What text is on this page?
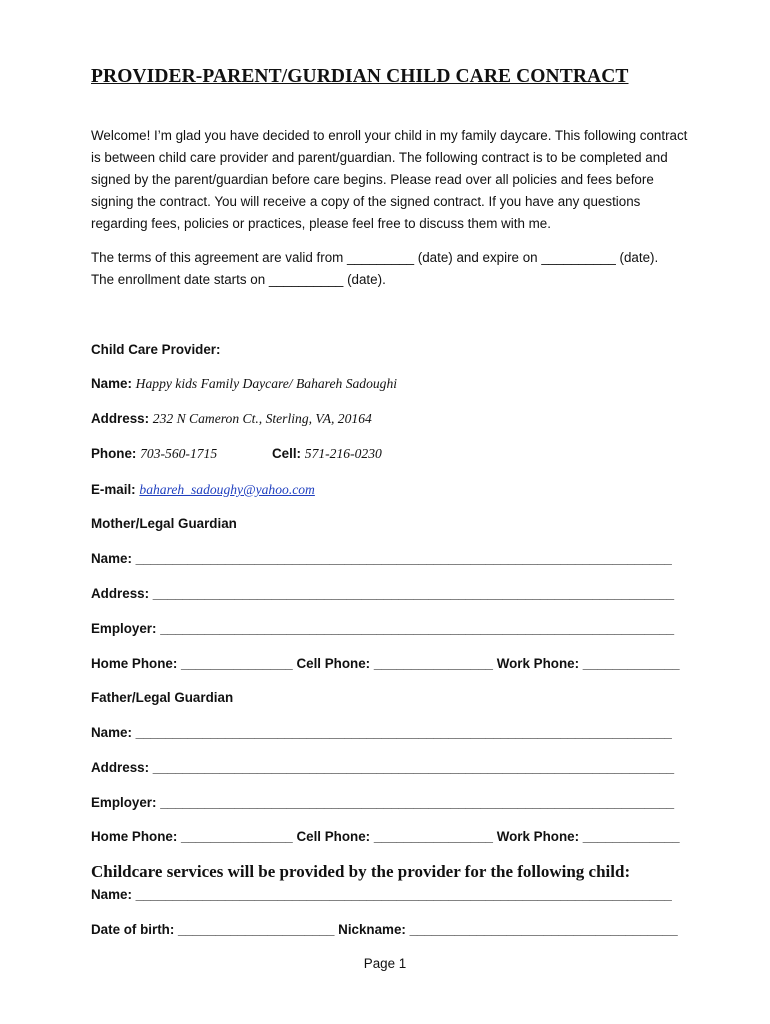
PROVIDER-PARENT/GURDIAN CHILD CARE CONTRACT
Welcome! I’m glad you have decided to enroll your child in my family daycare. This following contract is between child care provider and parent/guardian. The following contract is to be completed and signed by the parent/guardian before care begins. Please read over all policies and fees before signing the contract. You will receive a copy of the signed contract. If you have any questions regarding fees, policies or practices, please feel free to discuss them with me.
The terms of this agreement are valid from _________ (date) and expire on __________ (date).
The enrollment date starts on __________ (date).
Child Care Provider:
Name: Happy kids Family Daycare/ Bahareh Sadoughi
Address: 232 N Cameron Ct., Sterling, VA, 20164
Phone: 703-560-1715	Cell: 571-216-0230
E-mail: bahareh_sadoughy@yahoo.com
Mother/Legal Guardian
Name: ________________________________________________________________________
Address: ______________________________________________________________________
Employer: _____________________________________________________________________
Home Phone: _______________ Cell Phone: ________________ Work Phone: _____________
Father/Legal Guardian
Name: ________________________________________________________________________
Address: ______________________________________________________________________
Employer: _____________________________________________________________________
Home Phone: _______________ Cell Phone: ________________ Work Phone: _____________
Childcare services will be provided by the provider for the following child:
Name: ________________________________________________________________________
Date of birth: _____________________ Nickname: ____________________________________
Page 1
